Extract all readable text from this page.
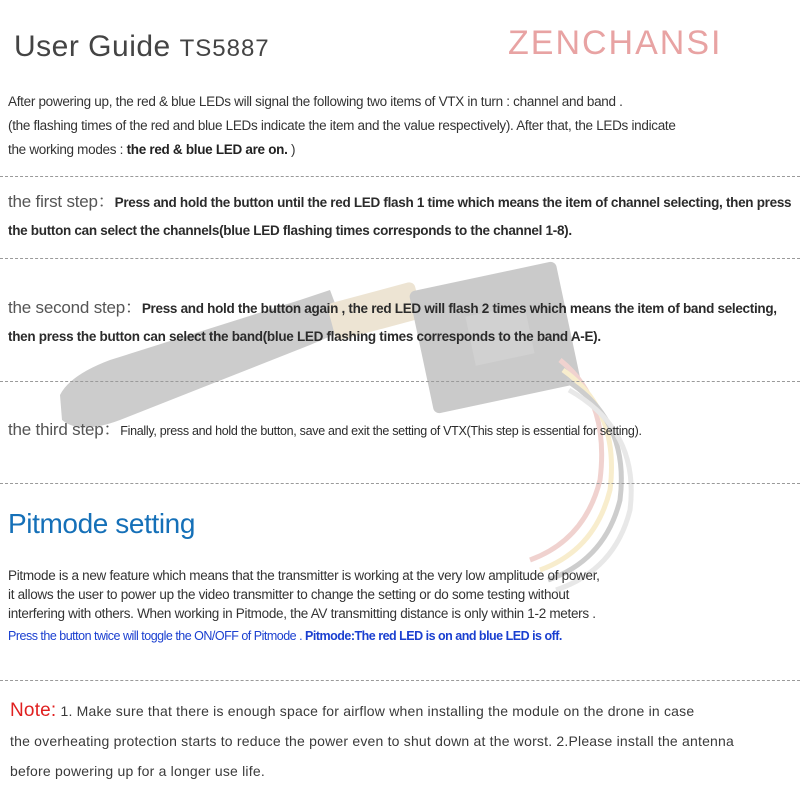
User Guide TS5887	ZENCHANSI
After powering up, the red & blue LEDs will signal the following two items of VTX in turn : channel and band .
(the flashing times of the red and blue LEDs indicate the item and the value respectively). After that, the LEDs indicate
the working modes : the red & blue LED are on. )
the first step：Press and hold the button until the red LED flash 1 time which means the item of channel selecting, then press
the button can select the channels(blue LED flashing times corresponds to the channel 1-8).
the second step：Press and hold the button again , the red LED will flash 2 times which means the item of band selecting,
then press the button can select the band(blue LED flashing times corresponds to the band A-E).
the third step：Finally, press and hold the button, save and exit the setting of VTX(This step is essential for setting).
Pitmode setting
Pitmode is a new feature which means that the transmitter is working at the very low amplitude of power,
it allows the user to power up the video transmitter to change the setting or do some testing without
interfering with others. When working in Pitmode, the AV transmitting distance is only within 1-2 meters .
Press the button twice will toggle the ON/OFF of Pitmode . Pitmode:The red LED is on and blue LED is off.
Note: 1. Make sure that there is enough space for airflow when installing the module on the drone in case
the overheating protection starts to reduce the power even to shut down at the worst. 2.Please install the antenna
before powering up for a longer use life.
